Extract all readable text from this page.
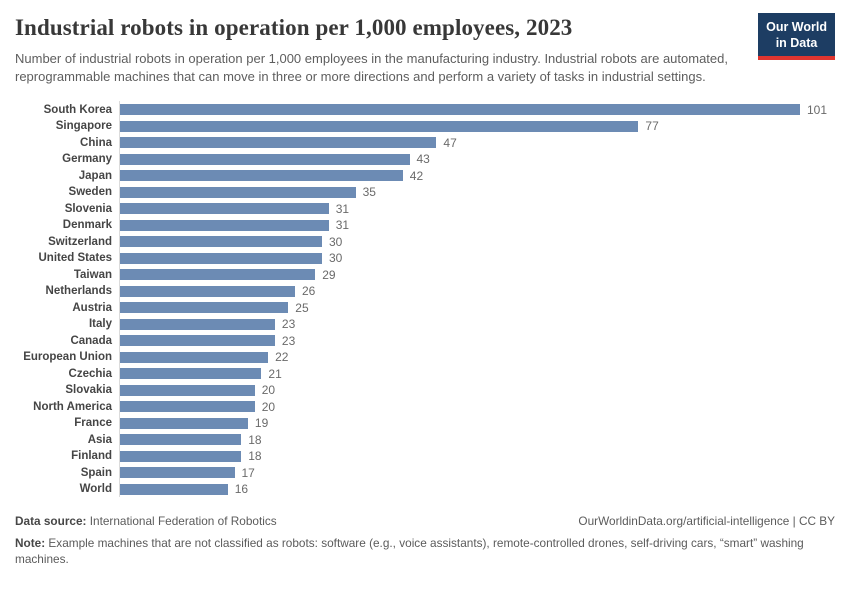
Industrial robots in operation per 1,000 employees, 2023
Number of industrial robots in operation per 1,000 employees in the manufacturing industry. Industrial robots are automated, reprogrammable machines that can move in three or more directions and perform a variety of tasks in industrial settings.
Our World
in Data
South Korea	101
Singapore	77
China	47
Germany	43
Japan	42
Sweden	35
Slovenia	31
Denmark	31
Switzerland	30
United States	30
Taiwan	29
Netherlands	26
Austria	25
Italy	23
Canada	23
European Union	22
Czechia	21
Slovakia	20
North America	20
France	19
Asia	18
Finland	18
Spain	17
World	16
Data source: International Federation of Robotics	OurWorldinData.org/artificial-intelligence | CC BY
Note: Example machines that are not classified as robots: software (e.g., voice assistants), remote-controlled drones, self-driving cars, “smart” washing machines.
